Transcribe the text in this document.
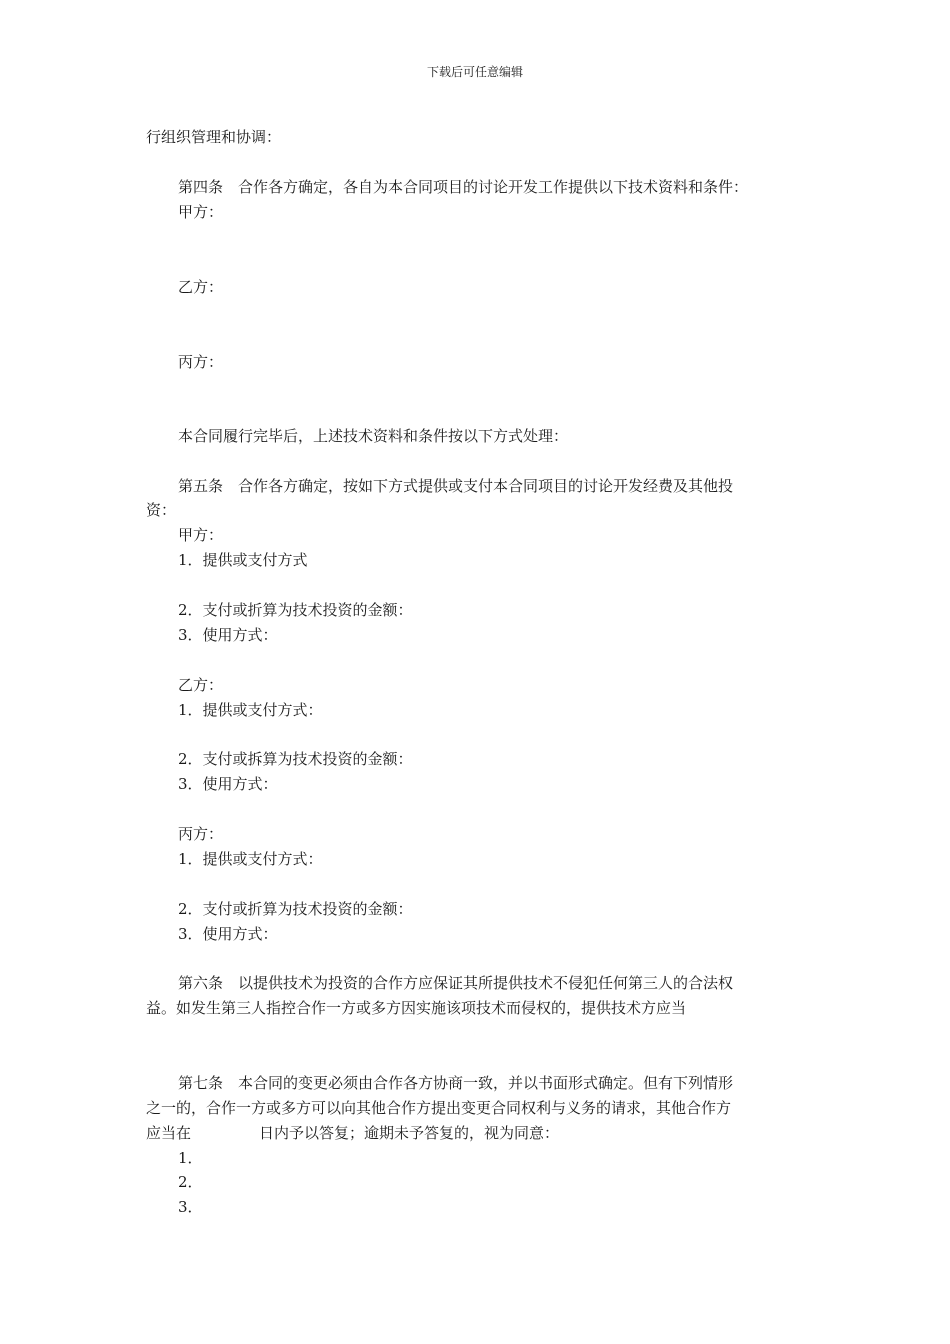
下载后可任意编辑
行组织管理和协调：
第四条　合作各方确定，各自为本合同项目的讨论开发工作提供以下技术资料和条件：
甲方：
乙方：
丙方：
本合同履行完毕后，上述技术资料和条件按以下方式处理：
第五条　合作各方确定，按如下方式提供或支付本合同项目的讨论开发经费及其他投
资：
甲方：
1．提供或支付方式
2．支付或折算为技术投资的金额：
3．使用方式：
乙方：
1．提供或支付方式：
2．支付或拆算为技术投资的金额：
3．使用方式：
丙方：
1．提供或支付方式：
2．支付或折算为技术投资的金额：
3．使用方式：
第六条　以提供技术为投资的合作方应保证其所提供技术不侵犯任何第三人的合法权
益。如发生第三人指控合作一方或多方因实施该项技术而侵权的，提供技术方应当
第七条　本合同的变更必须由合作各方协商一致，并以书面形式确定。但有下列情形
之一的，合作一方或多方可以向其他合作方提出变更合同权利与义务的请求，其他合作方
应当在	日内予以答复；逾期未予答复的，视为同意：
1．
2．
3．
